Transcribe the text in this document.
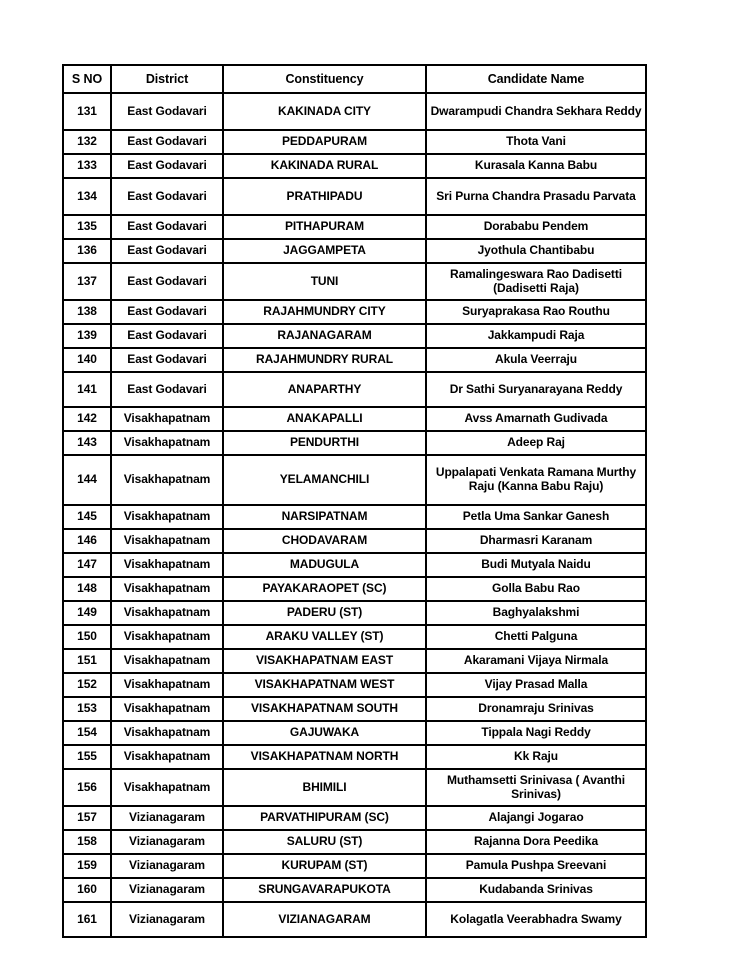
S NO	District	Constituency	Candidate Name
131	East Godavari	KAKINADA CITY	Dwarampudi Chandra Sekhara Reddy
132	East Godavari	PEDDAPURAM	Thota Vani
133	East Godavari	KAKINADA RURAL	Kurasala Kanna Babu
134	East Godavari	PRATHIPADU	Sri Purna Chandra Prasadu Parvata
135	East Godavari	PITHAPURAM	Dorababu Pendem
136	East Godavari	JAGGAMPETA	Jyothula Chantibabu
137	East Godavari	TUNI	Ramalingeswara Rao Dadisetti (Dadisetti Raja)
138	East Godavari	RAJAHMUNDRY CITY	Suryaprakasa Rao Routhu
139	East Godavari	RAJANAGARAM	Jakkampudi Raja
140	East Godavari	RAJAHMUNDRY RURAL	Akula Veerraju
141	East Godavari	ANAPARTHY	Dr Sathi Suryanarayana Reddy
142	Visakhapatnam	ANAKAPALLI	Avss Amarnath Gudivada
143	Visakhapatnam	PENDURTHI	Adeep Raj
144	Visakhapatnam	YELAMANCHILI	Uppalapati Venkata Ramana Murthy Raju (Kanna Babu Raju)
145	Visakhapatnam	NARSIPATNAM	Petla Uma Sankar Ganesh
146	Visakhapatnam	CHODAVARAM	Dharmasri Karanam
147	Visakhapatnam	MADUGULA	Budi Mutyala Naidu
148	Visakhapatnam	PAYAKARAOPET (SC)	Golla Babu Rao
149	Visakhapatnam	PADERU (ST)	Baghyalakshmi
150	Visakhapatnam	ARAKU VALLEY (ST)	Chetti Palguna
151	Visakhapatnam	VISAKHAPATNAM EAST	Akaramani Vijaya Nirmala
152	Visakhapatnam	VISAKHAPATNAM WEST	Vijay Prasad Malla
153	Visakhapatnam	VISAKHAPATNAM SOUTH	Dronamraju Srinivas
154	Visakhapatnam	GAJUWAKA	Tippala Nagi Reddy
155	Visakhapatnam	VISAKHAPATNAM NORTH	Kk Raju
156	Visakhapatnam	BHIMILI	Muthamsetti Srinivasa ( Avanthi Srinivas)
157	Vizianagaram	PARVATHIPURAM (SC)	Alajangi Jogarao
158	Vizianagaram	SALURU (ST)	Rajanna Dora Peedika
159	Vizianagaram	KURUPAM (ST)	Pamula Pushpa Sreevani
160	Vizianagaram	SRUNGAVARAPUKOTA	Kudabanda Srinivas
161	Vizianagaram	VIZIANAGARAM	Kolagatla Veerabhadra Swamy
